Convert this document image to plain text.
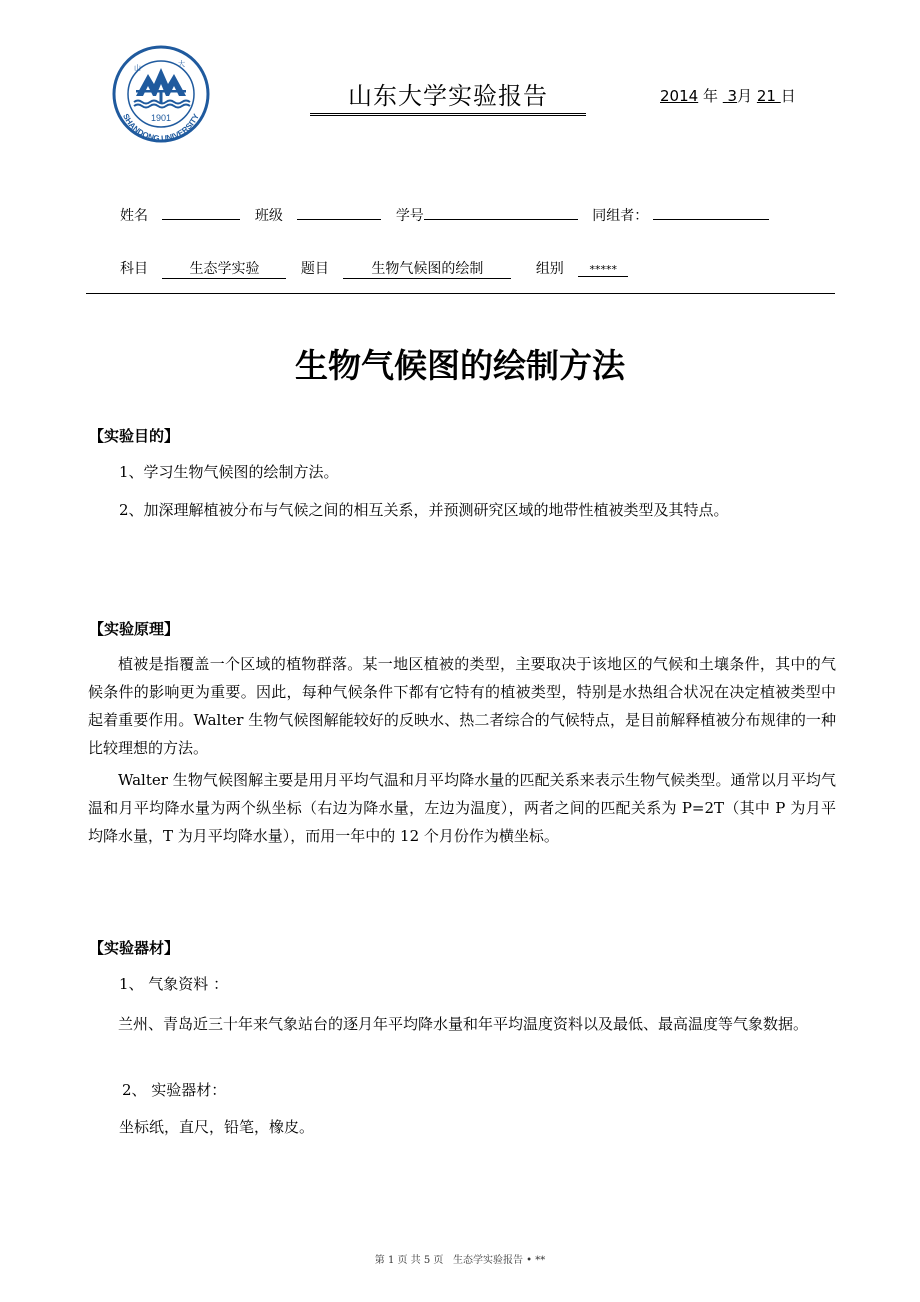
1901
SHANDONG UNIVERSITY
山	大
山东大学实验报告	2014 年 3月 21 日
姓名	班级	学号	同组者：
科目	生态学实验	题目	生物气候图的绘制	组别 *****
生物气候图的绘制方法
【实验目的】
1、学习生物气候图的绘制方法。
2、加深理解植被分布与气候之间的相互关系，并预测研究区域的地带性植被类型及其特点。
【实验原理】
植被是指覆盖一个区域的植物群落。某一地区植被的类型，主要取决于该地区的气候和土壤条件，其中的气候条件的影响更为重要。因此，每种气候条件下都有它特有的植被类型，特别是水热组合状况在决定植被类型中起着重要作用。Walter 生物气候图解能较好的反映水、热二者综合的气候特点，是目前解释植被分布规律的一种比较理想的方法。
Walter 生物气候图解主要是用月平均气温和月平均降水量的匹配关系来表示生物气候类型。通常以月平均气温和月平均降水量为两个纵坐标（右边为降水量，左边为温度），两者之间的匹配关系为 P=2T（其中 P 为月平均降水量，T 为月平均降水量），而用一年中的 12 个月份作为横坐标。
【实验器材】
1、 气象资料 ：
兰州、青岛近三十年来气象站台的逐月年平均降水量和年平均温度资料以及最低、最高温度等气象数据。
2、 实验器材：
坐标纸，直尺，铅笔，橡皮。
第 1 页 共 5 页 生态学实验报告 • **
